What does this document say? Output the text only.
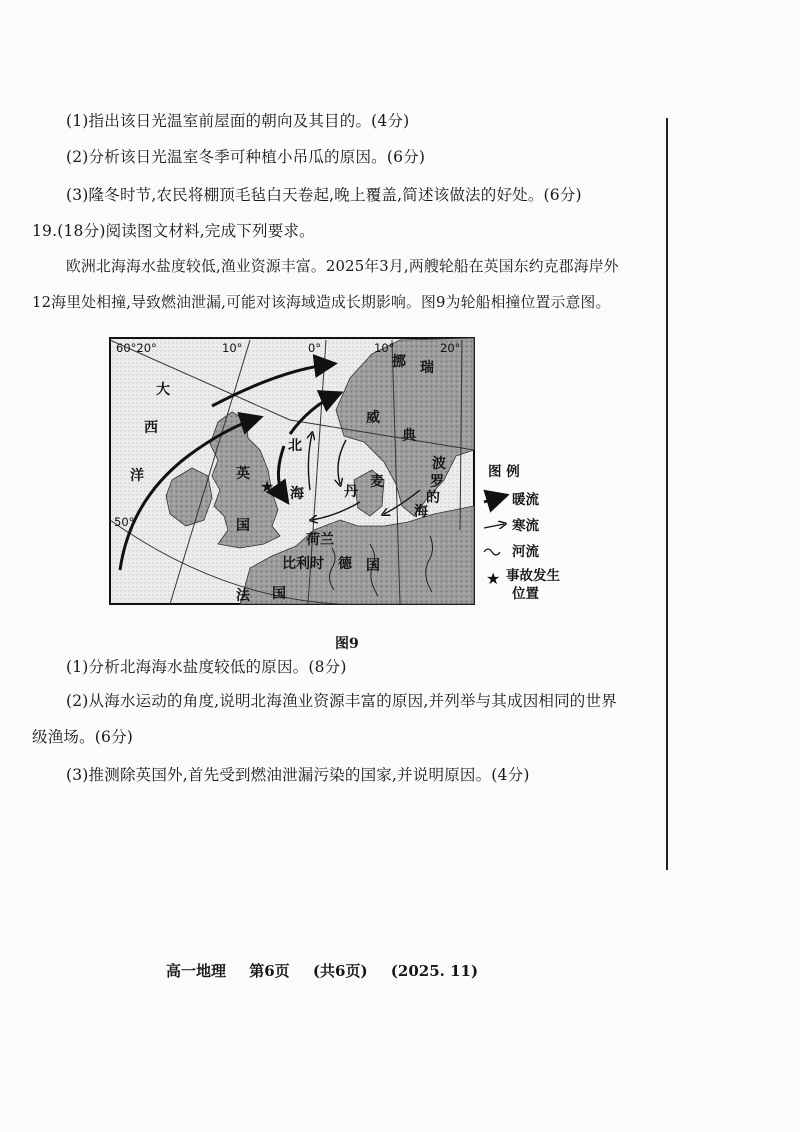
(1)指出该日光温室前屋面的朝向及其目的。(4分)
(2)分析该日光温室冬季可种植小吊瓜的原因。(6分)
(3)隆冬时节,农民将棚顶毛毡白天卷起,晚上覆盖,简述该做法的好处。(6分)
19.(18分)阅读图文材料,完成下列要求。
欧洲北海海水盐度较低,渔业资源丰富。2025年3月,两艘轮船在英国东约克郡海岸外
12海里处相撞,导致燃油泄漏,可能对该海域造成长期影响。图9为轮船相撞位置示意图。
★
60°20°	10°	0°	10°	20°
50°
大
西
洋
北
海
英
国
挪
威
瑞
典
丹
麦
波
罗
的
海
荷兰
比利时 德 国
法 国
图 例
暖流
寒流
河流
★ 事故发生
位置
图9
(1)分析北海海水盐度较低的原因。(8分)
(2)从海水运动的角度,说明北海渔业资源丰富的原因,并列举与其成因相同的世界
级渔场。(6分)
(3)推测除英国外,首先受到燃油泄漏污染的国家,并说明原因。(4分)
高一地理 第6页 (共6页) (2025. 11)
